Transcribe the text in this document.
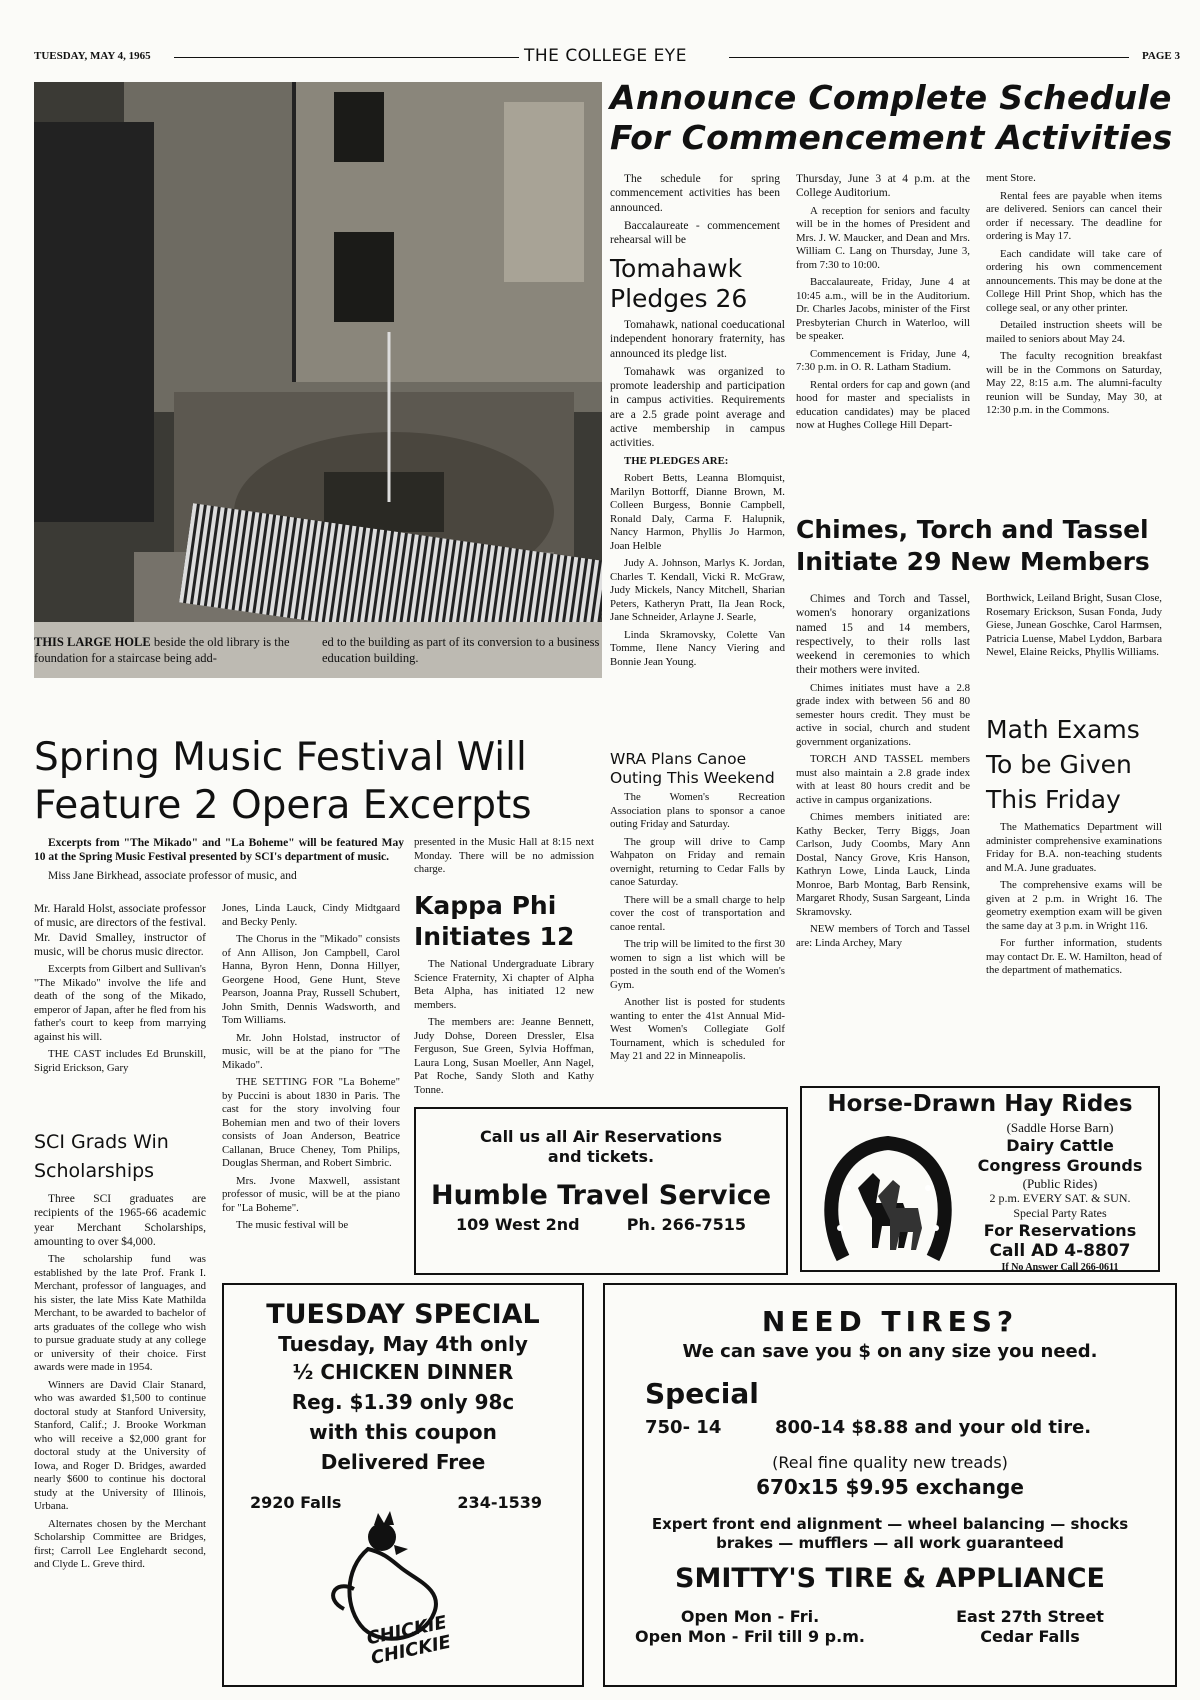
TUESDAY, MAY 4, 1965	THE COLLEGE EYE	PAGE 3
THIS LARGE HOLE beside the old library is the foundation for a staircase being add-
ed to the building as part of its conversion to a business education building.
Announce Complete Schedule
For Commencement Activities

The schedule for spring commencement activities has been announced.

Baccalaureate - commencement rehearsal will be

Tomahawk
Pledges 26

Tomahawk, national coeducational independent honorary fraternity, has announced its pledge list.

Tomahawk was organized to promote leadership and participation in campus activities. Requirements are a 2.5 grade point average and active membership in campus activities.

THE PLEDGES ARE:

Robert Betts, Leanna Blomquist, Marilyn Bottorff, Dianne Brown, M. Colleen Burgess, Bonnie Campbell, Ronald Daly, Carma F. Halupnik, Nancy Harmon, Phyllis Jo Harmon, Joan Helble

Judy A. Johnson, Marlys K. Jordan, Charles T. Kendall, Vicki R. McGraw, Judy Mickels, Nancy Mitchell, Sharian Peters, Katheryn Pratt, Ila Jean Rock, Jane Schneider, Arlayne J. Searle,

Linda Skramovsky, Colette Van Tomme, Ilene Nancy Viering and Bonnie Jean Young.

WRA Plans Canoe
Outing This Weekend

The Women's Recreation Association plans to sponsor a canoe outing Friday and Saturday.

The group will drive to Camp Wahpaton on Friday and remain overnight, returning to Cedar Falls by canoe Saturday.

There will be a small charge to help cover the cost of transportation and canoe rental.

The trip will be limited to the first 30 women to sign a list which will be posted in the south end of the Women's Gym.

Another list is posted for students wanting to enter the 41st Annual Mid-West Women's Collegiate Golf Tournament, which is scheduled for May 21 and 22 in Minneapolis.

Thursday, June 3 at 4 p.m. at the College Auditorium.

A reception for seniors and faculty will be in the homes of President and Mrs. J. W. Maucker, and Dean and Mrs. William C. Lang on Thursday, June 3, from 7:30 to 10:00.

Baccalaureate, Friday, June 4 at 10:45 a.m., will be in the Auditorium. Dr. Charles Jacobs, minister of the First Presbyterian Church in Waterloo, will be speaker.

Commencement is Friday, June 4, 7:30 p.m. in O. R. Latham Stadium.

Rental orders for cap and gown (and hood for master and specialists in education candidates) may be placed now at Hughes College Hill Depart-

ment Store.

Rental fees are payable when items are delivered. Seniors can cancel their order if necessary. The deadline for ordering is May 17.

Each candidate will take care of ordering his own commencement announcements. This may be done at the College Hill Print Shop, which has the college seal, or any other printer.

Detailed instruction sheets will be mailed to seniors about May 24.

The faculty recognition breakfast will be in the Commons on Saturday, May 22, 8:15 a.m. The alumni-faculty reunion will be Sunday, May 30, at 12:30 p.m. in the Commons.

Chimes, Torch and Tassel
Initiate 29 New Members

Chimes and Torch and Tassel, women's honorary organizations named 15 and 14 members, respectively, to their rolls last weekend in ceremonies to which their mothers were invited.

Chimes initiates must have a 2.8 grade index with between 56 and 80 semester hours credit. They must be active in social, church and student government organizations.

TORCH AND TASSEL members must also maintain a 2.8 grade index with at least 80 hours credit and be active in campus organizations.

Chimes members initiated are: Kathy Becker, Terry Biggs, Joan Carlson, Judy Coombs, Mary Ann Dostal, Nancy Grove, Kris Hanson, Kathryn Lowe, Linda Lauck, Linda Monroe, Barb Montag, Barb Rensink, Margaret Rhody, Susan Sargeant, Linda Skramovsky.

NEW members of Torch and Tassel are: Linda Archey, Mary

Borthwick, Leiland Bright, Susan Close, Rosemary Erickson, Susan Fonda, Judy Giese, Junean Goschke, Carol Harmsen, Patricia Luense, Mabel Lyddon, Barbara Newel, Elaine Reicks, Phyllis Williams.

Math Exams
To be Given
This Friday

The Mathematics Department will administer comprehensive examinations Friday for B.A. non-teaching students and M.A. June graduates.

The comprehensive exams will be given at 2 p.m. in Wright 16. The geometry exemption exam will be given the same day at 3 p.m. in Wright 116.

For further information, students may contact Dr. E. W. Hamilton, head of the department of mathematics.

Spring Music Festival Will
Feature 2 Opera Excerpts

Excerpts from "The Mikado" and "La Boheme" will be featured May 10 at the Spring Music Festival presented by SCI's department of music.

Miss Jane Birkhead, associate professor of music, and

Mr. Harald Holst, associate professor of music, are directors of the festival. Mr. David Smalley, instructor of music, will be chorus music director.

Excerpts from Gilbert and Sullivan's "The Mikado" involve the life and death of the song of the Mikado, emperor of Japan, after he fled from his father's court to keep from marrying against his will.

THE CAST includes Ed Brunskill, Sigrid Erickson, Gary

SCI Grads Win
Scholarships

Three SCI graduates are recipients of the 1965-66 academic year Merchant Scholarships, amounting to over $4,000.

The scholarship fund was established by the late Prof. Frank I. Merchant, professor of languages, and his sister, the late Miss Kate Mathilda Merchant, to be awarded to bachelor of arts graduates of the college who wish to pursue graduate study at any college or university of their choice. First awards were made in 1954.

Winners are David Clair Stanard, who was awarded $1,500 to continue doctoral study at Stanford University, Stanford, Calif.; J. Brooke Workman who will receive a $2,000 grant for doctoral study at the University of Iowa, and Roger D. Bridges, awarded nearly $600 to continue his doctoral study at the University of Illinois, Urbana.

Alternates chosen by the Merchant Scholarship Committee are Bridges, first; Carroll Lee Englehardt second, and Clyde L. Greve third.

Jones, Linda Lauck, Cindy Midtgaard and Becky Penly.

The Chorus in the "Mikado" consists of Ann Allison, Jon Campbell, Carol Hanna, Byron Henn, Donna Hillyer, Georgene Hood, Gene Hunt, Steve Pearson, Joanna Pray, Russell Schubert, John Smith, Dennis Wadsworth, and Tom Williams.

Mr. John Holstad, instructor of music, will be at the piano for "The Mikado".

THE SETTING FOR "La Boheme" by Puccini is about 1830 in Paris. The cast for the story involving four Bohemian men and two of their lovers consists of Joan Anderson, Beatrice Callanan, Bruce Cheney, Tom Philips, Douglas Sherman, and Robert Simbric.

Mrs. Jvone Maxwell, assistant professor of music, will be at the piano for "La Boheme".

The music festival will be

presented in the Music Hall at 8:15 next Monday. There will be no admission charge.

Kappa Phi
Initiates 12

The National Undergraduate Library Science Fraternity, Xi chapter of Alpha Beta Alpha, has initiated 12 new members.

The members are: Jeanne Bennett, Judy Dohse, Doreen Dressler, Elsa Ferguson, Sue Green, Sylvia Hoffman, Laura Long, Susan Moeller, Ann Nagel, Pat Roche, Sandy Sloth and Kathy Tonne.

Call us all Air Reservations
and tickets.
Humble Travel Service
109 West 2nd	Ph. 266-7515
Horse-Drawn Hay Rides
(Saddle Horse Barn)
Dairy Cattle
Congress Grounds
(Public Rides)
2 p.m. EVERY SAT. & SUN.
Special Party Rates
For Reservations
Call AD 4-8807
If No Answer Call 266-0611
TUESDAY SPECIAL
Tuesday, May 4th only
½ CHICKEN DINNER
Reg. $1.39 only 98c
with this coupon
Delivered Free
2920 Falls	234-1539
CHICKIE CHICKIE
NEED TIRES?
We can save you $ on any size you need.
Special
750- 14	800-14 $8.88 and your old tire.
(Real fine quality new treads)
670x15 $9.95 exchange
Expert front end alignment — wheel balancing — shocks
brakes — mufflers — all work guaranteed
SMITTY'S TIRE & APPLIANCE
Open Mon - Fri.
Open Mon - Fril till 9 p.m.
East 27th Street
Cedar Falls
